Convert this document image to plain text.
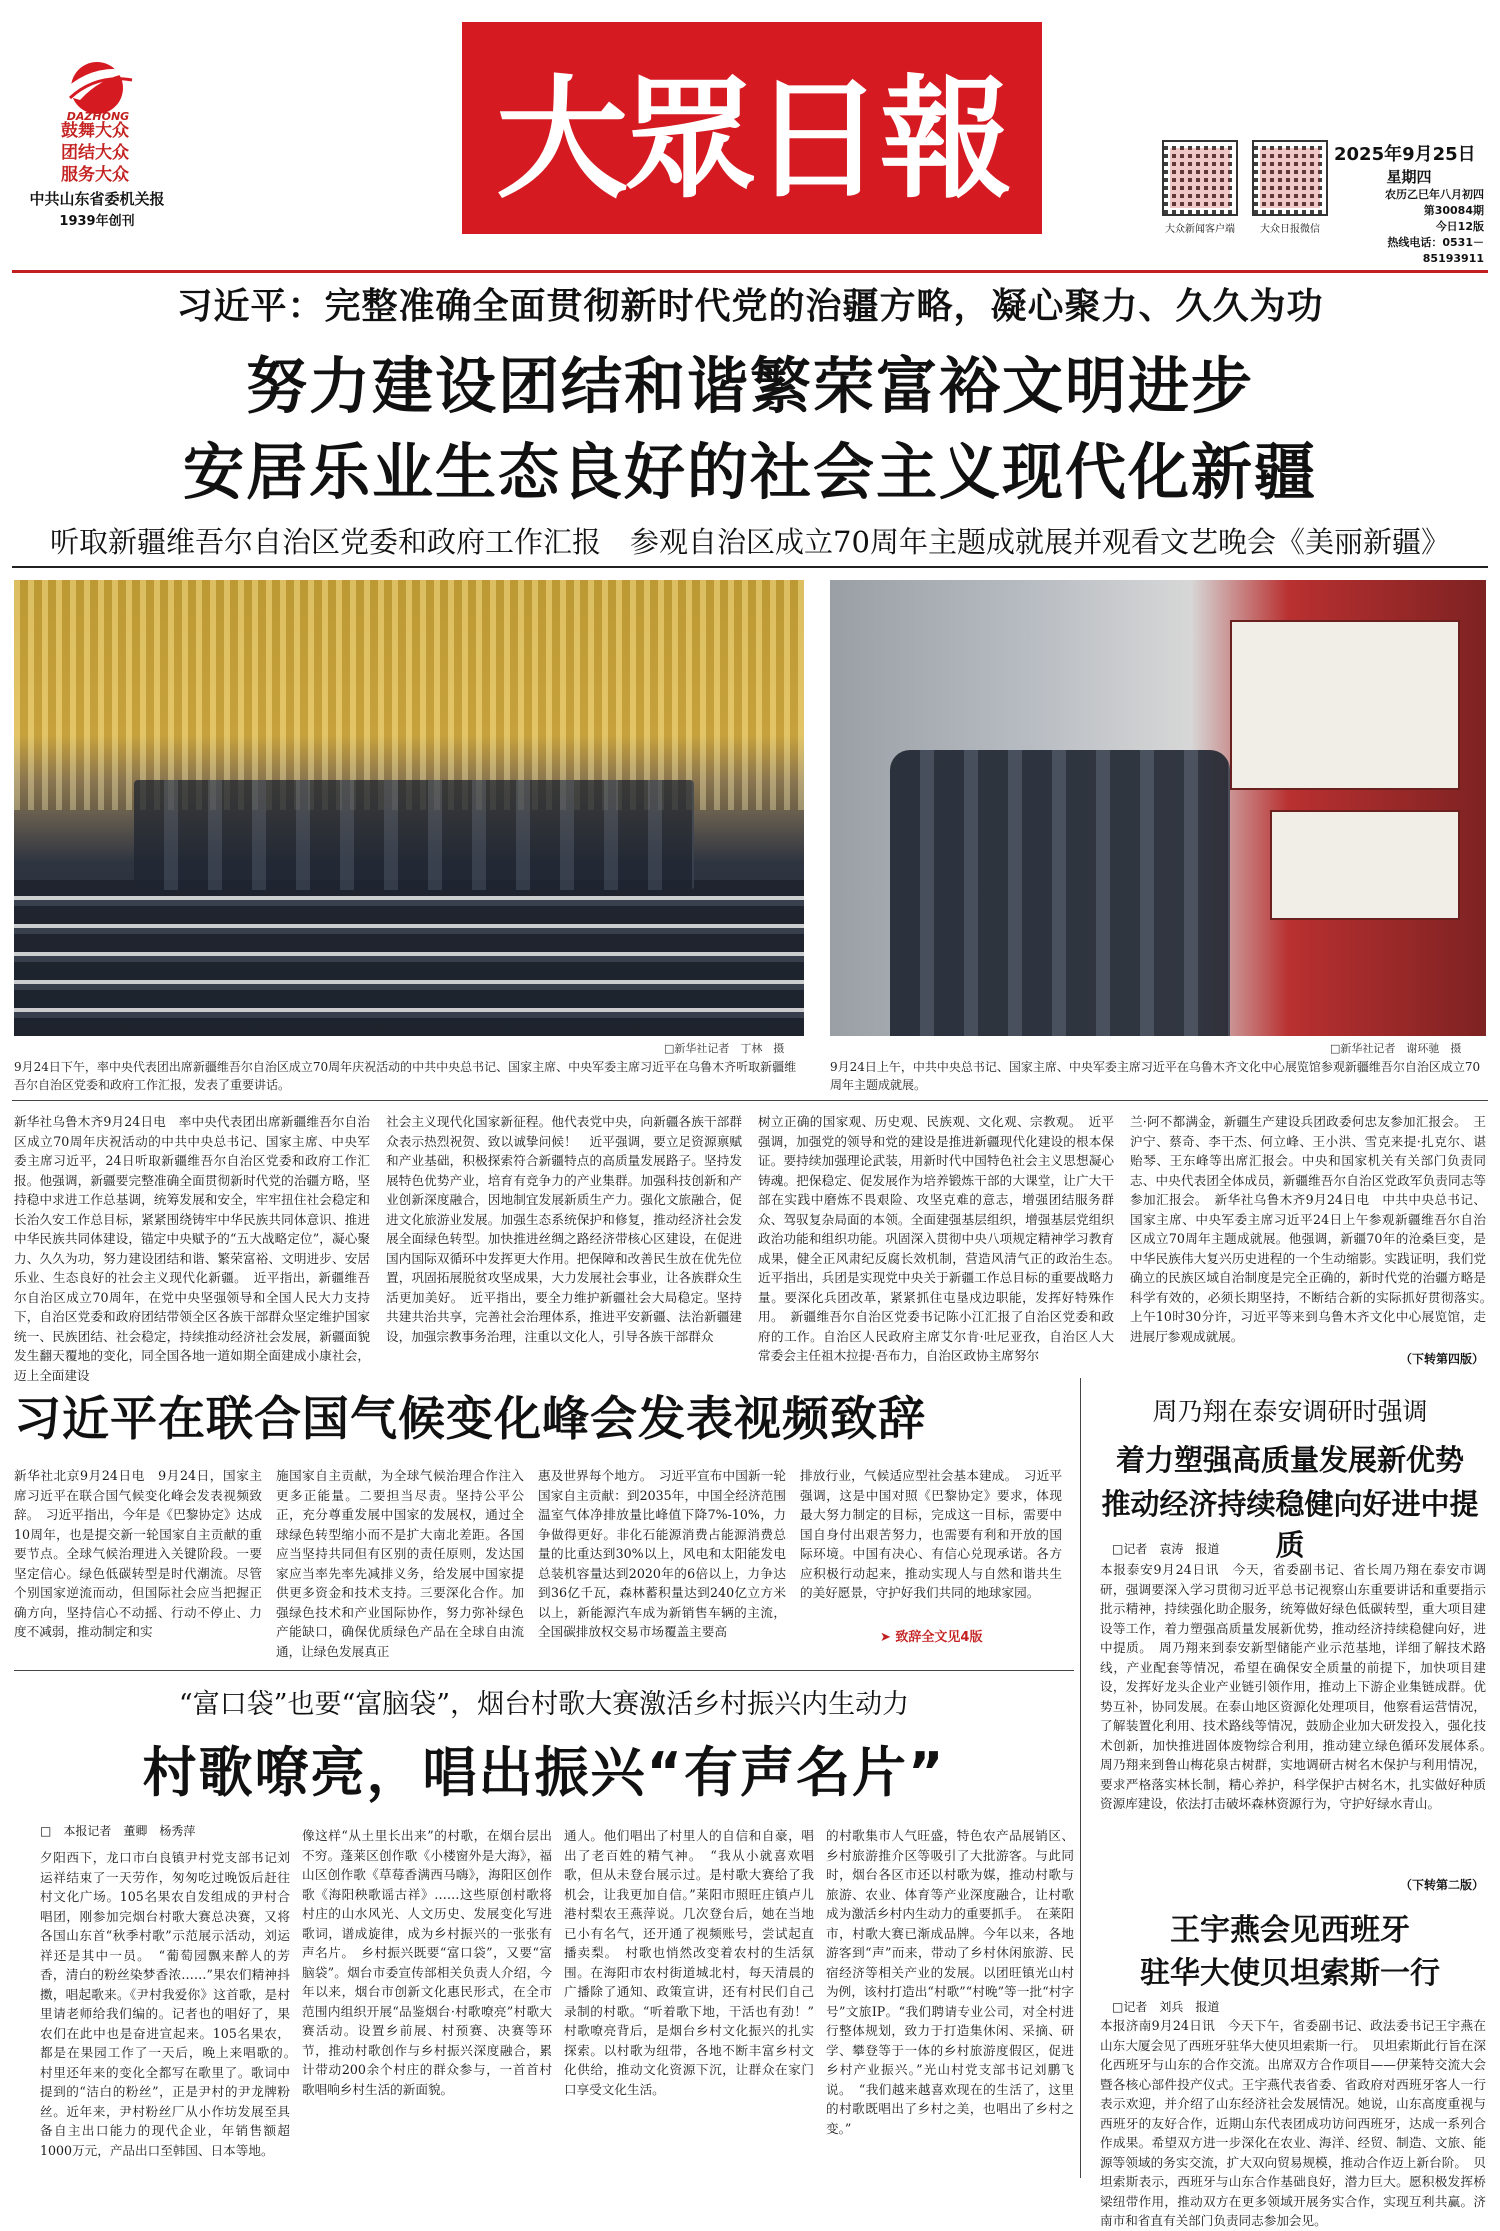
DAZHONG
鼓舞大众
团结大众
服务大众
中共山东省委机关报
1939年创刊
大眾日報
大众新闻客户端	大众日报微信
2025年9月25日
星期四
农历乙巳年八月初四
第30084期
今日12版
热线电话：0531－85193911
习近平：完整准确全面贯彻新时代党的治疆方略，凝心聚力、久久为功
努力建设团结和谐繁荣富裕文明进步
安居乐业生态良好的社会主义现代化新疆
听取新疆维吾尔自治区党委和政府工作汇报　参观自治区成立70周年主题成就展并观看文艺晚会《美丽新疆》
□新华社记者　丁林　摄	□新华社记者　谢环驰　摄
9月24日下午，率中央代表团出席新疆维吾尔自治区成立70周年庆祝活动的中共中央总书记、国家主席、中央军委主席习近平在乌鲁木齐听取新疆维吾尔自治区党委和政府工作汇报，发表了重要讲话。
9月24日上午，中共中央总书记、国家主席、中央军委主席习近平在乌鲁木齐文化中心展览馆参观新疆维吾尔自治区成立70周年主题成就展。
新华社乌鲁木齐9月24日电　率中央代表团出席新疆维吾尔自治区成立70周年庆祝活动的中共中央总书记、国家主席、中央军委主席习近平，24日听取新疆维吾尔自治区党委和政府工作汇报。他强调，新疆要完整准确全面贯彻新时代党的治疆方略，坚持稳中求进工作总基调，统筹发展和安全，牢牢扭住社会稳定和长治久安工作总目标，紧紧围绕铸牢中华民族共同体意识、推进中华民族共同体建设，锚定中央赋予的“五大战略定位”，凝心聚力、久久为功，努力建设团结和谐、繁荣富裕、文明进步、安居乐业、生态良好的社会主义现代化新疆。　近平指出，新疆维吾尔自治区成立70周年，在党中央坚强领导和全国人民大力支持下，自治区党委和政府团结带领全区各族干部群众坚定维护国家统一、民族团结、社会稳定，持续推动经济社会发展，新疆面貌发生翻天覆地的变化，同全国各地一道如期全面建成小康社会，迈上全面建设
社会主义现代化国家新征程。他代表党中央，向新疆各族干部群众表示热烈祝贺、致以诚挚问候！　近平强调，要立足资源禀赋和产业基础，积极探索符合新疆特点的高质量发展路子。坚持发展特色优势产业，培育有竞争力的产业集群。加强科技创新和产业创新深度融合，因地制宜发展新质生产力。强化文旅融合，促进文化旅游业发展。加强生态系统保护和修复，推动经济社会发展全面绿色转型。加快推进丝绸之路经济带核心区建设，在促进国内国际双循环中发挥更大作用。把保障和改善民生放在优先位置，巩固拓展脱贫攻坚成果，大力发展社会事业，让各族群众生活更加美好。　近平指出，要全力维护新疆社会大局稳定。坚持共建共治共享，完善社会治理体系，推进平安新疆、法治新疆建设，加强宗教事务治理，注重以文化人，引导各族干部群众
树立正确的国家观、历史观、民族观、文化观、宗教观。　近平强调，加强党的领导和党的建设是推进新疆现代化建设的根本保证。要持续加强理论武装，用新时代中国特色社会主义思想凝心铸魂。把保稳定、促发展作为培养锻炼干部的大课堂，让广大干部在实践中磨炼不畏艰险、攻坚克难的意志，增强团结服务群众、驾驭复杂局面的本领。全面建强基层组织，增强基层党组织政治功能和组织功能。巩固深入贯彻中央八项规定精神学习教育成果，健全正风肃纪反腐长效机制，营造风清气正的政治生态。　近平指出，兵团是实现党中央关于新疆工作总目标的重要战略力量。要深化兵团改革，紧紧抓住屯垦戍边职能，发挥好特殊作用。　新疆维吾尔自治区党委书记陈小江汇报了自治区党委和政府的工作。自治区人民政府主席艾尔肯·吐尼亚孜，自治区人大常委会主任祖木拉提·吾布力，自治区政协主席努尔
兰·阿不都满金，新疆生产建设兵团政委何忠友参加汇报会。　王沪宁、蔡奇、李干杰、何立峰、王小洪、雪克来提·扎克尔、谌贻琴、王东峰等出席汇报会。中央和国家机关有关部门负责同志、中央代表团全体成员，新疆维吾尔自治区党政军负责同志等参加汇报会。　新华社乌鲁木齐9月24日电　中共中央总书记、国家主席、中央军委主席习近平24日上午参观新疆维吾尔自治区成立70周年主题成就展。他强调，新疆70年的沧桑巨变，是中华民族伟大复兴历史进程的一个生动缩影。实践证明，我们党确立的民族区域自治制度是完全正确的，新时代党的治疆方略是科学有效的，必须长期坚持，不断结合新的实际抓好贯彻落实。　上午10时30分许，习近平等来到乌鲁木齐文化中心展览馆，走进展厅参观成就展。
（下转第四版）
习近平在联合国气候变化峰会发表视频致辞
新华社北京9月24日电　9月24日，国家主席习近平在联合国气候变化峰会发表视频致辞。　习近平指出，今年是《巴黎协定》达成10周年，也是提交新一轮国家自主贡献的重要节点。全球气候治理进入关键阶段。一要坚定信心。绿色低碳转型是时代潮流。尽管个别国家逆流而动，但国际社会应当把握正确方向，坚持信心不动摇、行动不停止、力度不减弱，推动制定和实
施国家自主贡献，为全球气候治理合作注入更多正能量。二要担当尽责。坚持公平公正，充分尊重发展中国家的发展权，通过全球绿色转型缩小而不是扩大南北差距。各国应当坚持共同但有区别的责任原则，发达国家应当率先率先减排义务，给发展中国家提供更多资金和技术支持。三要深化合作。加强绿色技术和产业国际协作，努力弥补绿色产能缺口，确保优质绿色产品在全球自由流通，让绿色发展真正
惠及世界每个地方。　习近平宣布中国新一轮国家自主贡献：到2035年，中国全经济范围温室气体净排放量比峰值下降7%-10%，力争做得更好。非化石能源消费占能源消费总量的比重达到30%以上，风电和太阳能发电总装机容量达到2020年的6倍以上，力争达到36亿千瓦，森林蓄积量达到240亿立方米以上，新能源汽车成为新销售车辆的主流，全国碳排放权交易市场覆盖主要高
排放行业，气候适应型社会基本建成。　习近平强调，这是中国对照《巴黎协定》要求，体现最大努力制定的目标，完成这一目标，需要中国自身付出艰苦努力，也需要有利和开放的国际环境。中国有决心、有信心兑现承诺。各方应积极行动起来，推动实现人与自然和谐共生的美好愿景，守护好我们共同的地球家园。
➤ 致辞全文见4版
周乃翔在泰安调研时强调
着力塑强高质量发展新优势
推动经济持续稳健向好进中提质
□记者　袁涛　报道
本报泰安9月24日讯　今天，省委副书记、省长周乃翔在泰安市调研，强调要深入学习贯彻习近平总书记视察山东重要讲话和重要指示批示精神，持续强化助企服务，统筹做好绿色低碳转型，重大项目建设等工作，着力塑强高质量发展新优势，推动经济持续稳健向好，进中提质。　周乃翔来到泰安新型储能产业示范基地，详细了解技术路线，产业配套等情况，希望在确保安全质量的前提下，加快项目建设，发挥好龙头企业产业链引领作用，推动上下游企业集链成群。优势互补，协同发展。在泰山地区资源化处理项目，他察看运营情况，了解装置化利用、技术路线等情况，鼓励企业加大研发投入，强化技术创新，加快推进固体废物综合利用，推动建立绿色循环发展体系。　周乃翔来到鲁山梅花泉古树群，实地调研古树名木保护与利用情况，要求严格落实林长制，精心养护，科学保护古树名木，扎实做好种质资源库建设，依法打击破坏森林资源行为，守护好绿水青山。
（下转第二版）
“富口袋”也要“富脑袋”，烟台村歌大赛激活乡村振兴内生动力
村歌嘹亮，唱出振兴“有声名片”
□　本报记者　董卿　杨秀萍
夕阳西下，龙口市白良镇尹村党支部书记刘运祥结束了一天劳作，匆匆吃过晚饭后赶往村文化广场。105名果农自发组成的尹村合唱团，刚参加完烟台村歌大赛总决赛，又将各国山东首“秋季村歌”示范展示活动，刘运祥还是其中一员。　“葡萄园飘来醉人的芳香，清白的粉丝染梦香浓……”果农们精神抖擞，唱起歌来。《尹村我爱你》这首歌，是村里请老师给我们编的。记者也的唱好了，果农们在此中也是奋进宣起来。105名果农，都是在果园工作了一天后，晚上来唱歌的。　村里还年来的变化全都写在歌里了。歌词中提到的“洁白的粉丝”，正是尹村的尹龙牌粉丝。近年来，尹村粉丝厂从小作坊发展至具备自主出口能力的现代企业，年销售额超1000万元，产品出口至韩国、日本等地。
像这样“从土里长出来”的村歌，在烟台层出不穷。蓬莱区创作歌《小楼窗外是大海》，福山区创作歌《草莓香满西马嗨》，海阳区创作歌《海阳秧歌谣古祥》……这些原创村歌将村庄的山水风光、人文历史、发展变化写进歌词，谱成旋律，成为乡村振兴的一张张有声名片。　乡村振兴既要“富口袋”，又要“富脑袋”。烟台市委宣传部相关负责人介绍，今年以来，烟台市创新文化惠民形式，在全市范围内组织开展“品鉴烟台·村歌嘹亮”村歌大赛活动。设置乡前展、村预赛、决赛等环节，推动村歌创作与乡村振兴深度融合，累计带动200余个村庄的群众参与，一首首村歌唱响乡村生活的新面貌。
通人。他们唱出了村里人的自信和自豪，唱出了老百姓的精气神。　“我从小就喜欢唱歌，但从未登台展示过。是村歌大赛给了我机会，让我更加自信。”莱阳市照旺庄镇卢儿港村梨农王燕萍说。几次登台后，她在当地已小有名气，还开通了视频账号，尝试起直播卖梨。　村歌也悄然改变着农村的生活氛围。在海阳市农村街道城北村，每天清晨的广播除了通知、政策宣讲，还有村民们自己录制的村歌。“听着歌下地，干活也有劲！”　村歌嘹亮背后，是烟台乡村文化振兴的扎实探索。以村歌为纽带，各地不断丰富乡村文化供给，推动文化资源下沉，让群众在家门口享受文化生活。
的村歌集市人气旺盛，特色农产品展销区、乡村旅游推介区等吸引了大批游客。与此同时，烟台各区市还以村歌为媒，推动村歌与旅游、农业、体育等产业深度融合，让村歌成为激活乡村内生动力的重要抓手。　在莱阳市，村歌大赛已渐成品牌。今年以来，各地游客到“声”而来，带动了乡村休闲旅游、民宿经济等相关产业的发展。以团旺镇光山村为例，该村打造出“村歌”“村晚”等一批“村字号”文旅IP。“我们聘请专业公司，对全村进行整体规划，致力于打造集休闲、采摘、研学、攀登等于一体的乡村旅游度假区，促进乡村产业振兴。”光山村党支部书记刘鹏飞说。　“我们越来越喜欢现在的生活了，这里的村歌既唱出了乡村之美，也唱出了乡村之变。”
王宇燕会见西班牙
驻华大使贝坦索斯一行
□记者　刘兵　报道
本报济南9月24日讯　今天下午，省委副书记、政法委书记王宇燕在山东大厦会见了西班牙驻华大使贝坦索斯一行。　贝坦索斯此行旨在深化西班牙与山东的合作交流。出席双方合作项目——伊莱特交流大会暨各核心部件投产仪式。王宇燕代表省委、省政府对西班牙客人一行表示欢迎，并介绍了山东经济社会发展情况。她说，山东高度重视与西班牙的友好合作，近期山东代表团成功访问西班牙，达成一系列合作成果。希望双方进一步深化在农业、海洋、经贸、制造、文旅、能源等领域的务实交流，扩大双向贸易规模，推动合作迈上新台阶。　贝坦索斯表示，西班牙与山东合作基础良好，潜力巨大。愿积极发挥桥梁纽带作用，推动双方在更多领域开展务实合作，实现互利共赢。济南市和省直有关部门负责同志参加会见。
